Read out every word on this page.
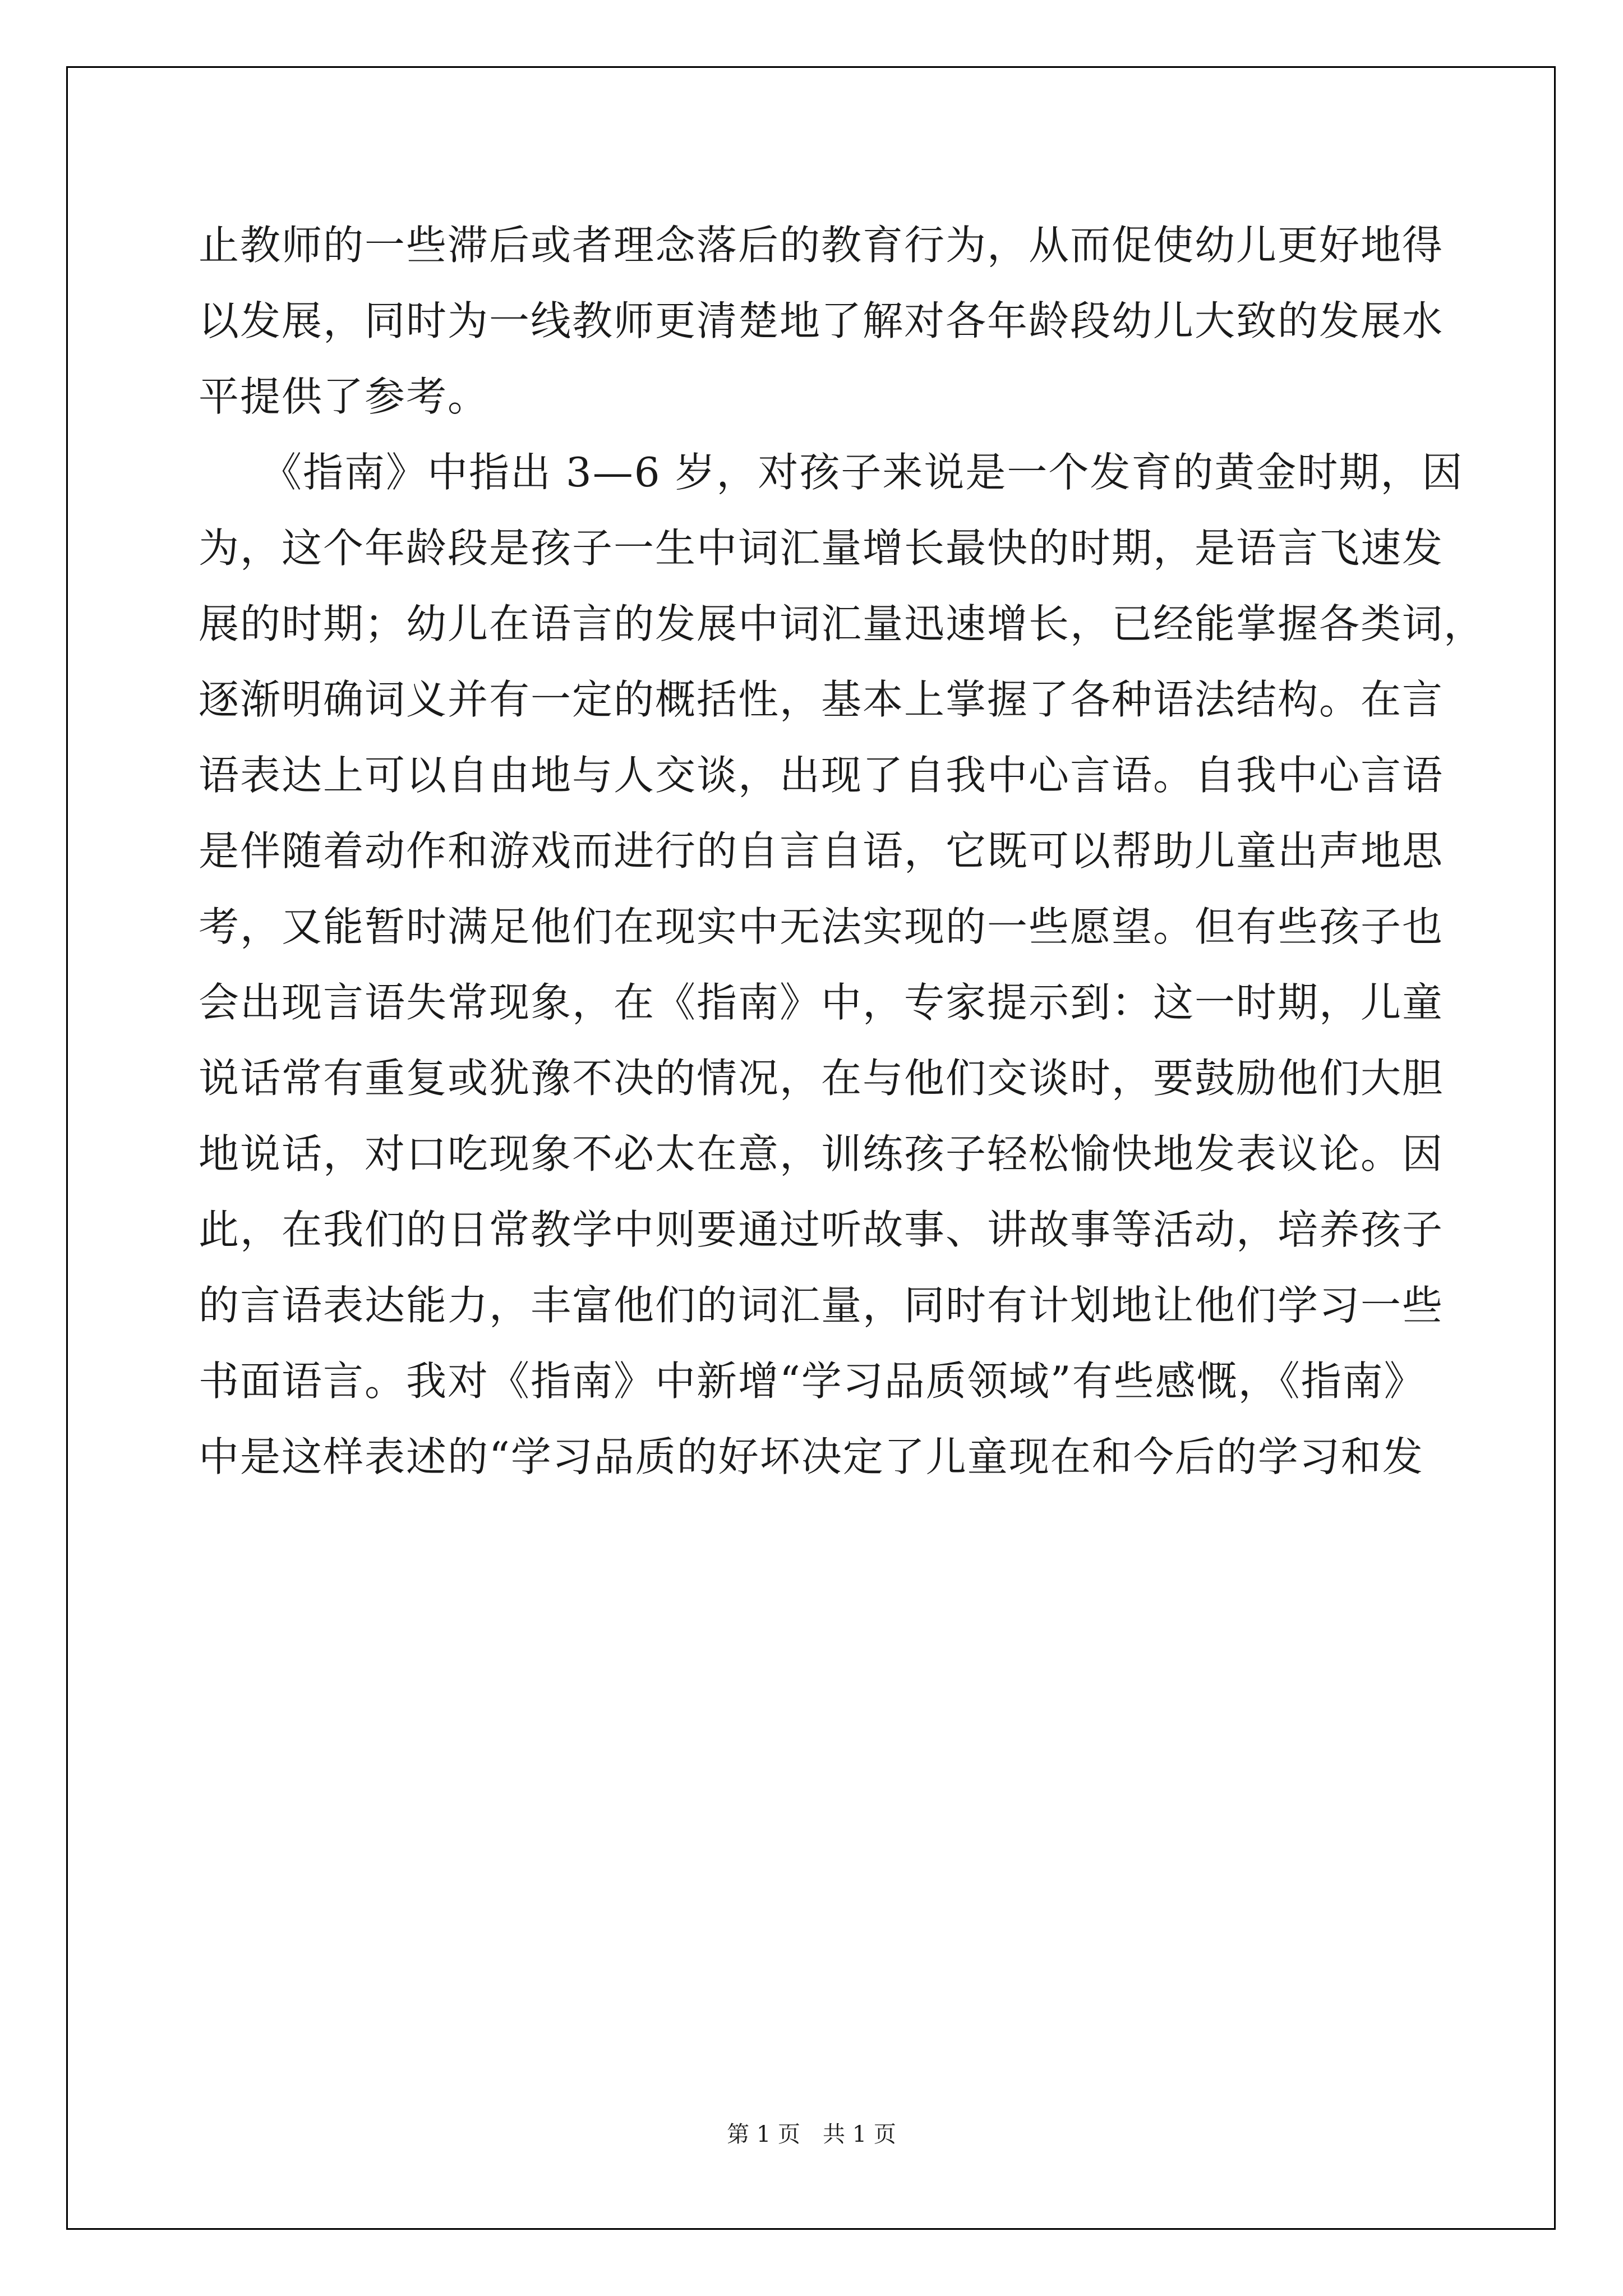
止教师的一些滞后或者理念落后的教育行为，从而促使幼儿更好地得
以发展，同时为一线教师更清楚地了解对各年龄段幼儿大致的发展水
平提供了参考。
　　《指南》中指出 3—6 岁，对孩子来说是一个发育的黄金时期，因
为，这个年龄段是孩子一生中词汇量增长最快的时期，是语言飞速发
展的时期；幼儿在语言的发展中词汇量迅速增长，已经能掌握各类词，
逐渐明确词义并有一定的概括性，基本上掌握了各种语法结构。在言
语表达上可以自由地与人交谈，出现了自我中心言语。自我中心言语
是伴随着动作和游戏而进行的自言自语，它既可以帮助儿童出声地思
考，又能暂时满足他们在现实中无法实现的一些愿望。但有些孩子也
会出现言语失常现象，在《指南》中，专家提示到：这一时期，儿童
说话常有重复或犹豫不决的情况，在与他们交谈时，要鼓励他们大胆
地说话，对口吃现象不必太在意，训练孩子轻松愉快地发表议论。因
此，在我们的日常教学中则要通过听故事、讲故事等活动，培养孩子
的言语表达能力，丰富他们的词汇量，同时有计划地让他们学习一些
书面语言。我对《指南》中新增“学习品质领域”有些感慨，《指南》
中是这样表述的“学习品质的好坏决定了儿童现在和今后的学习和发
第 1 页　 共 1 页
